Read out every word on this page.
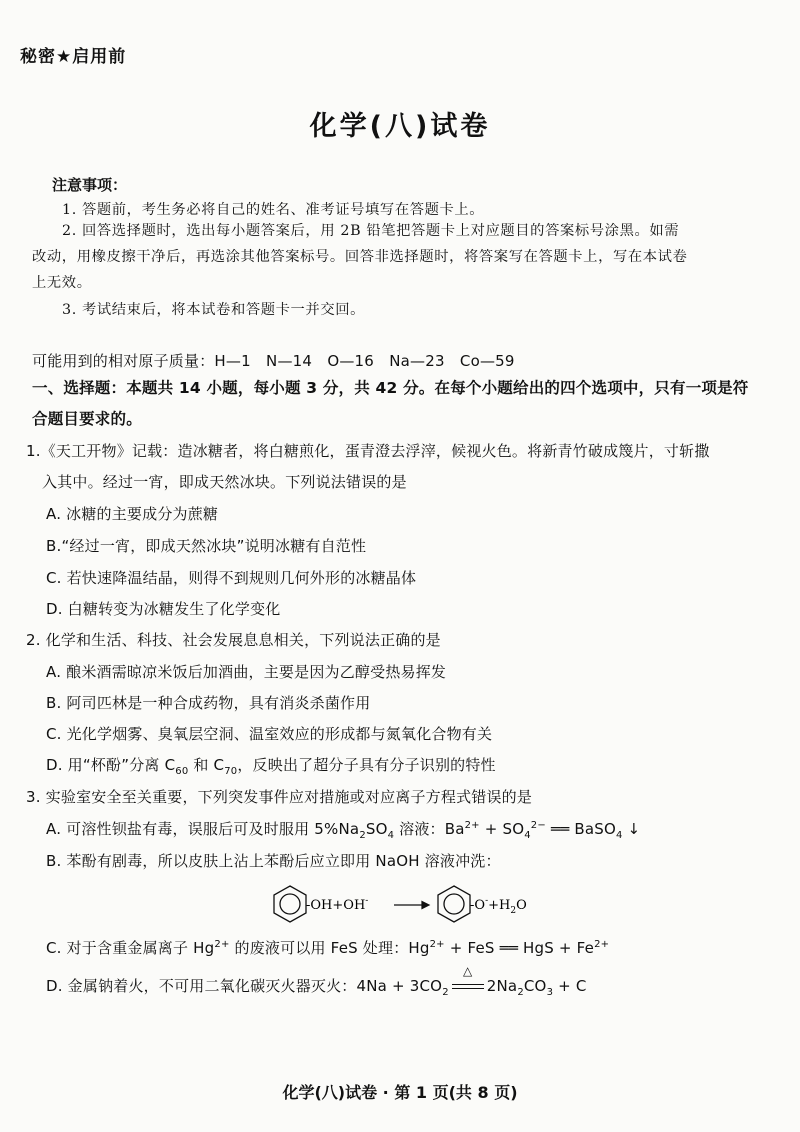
秘密★启用前
化学(八)试卷
注意事项：
1. 答题前，考生务必将自己的姓名、准考证号填写在答题卡上。
2. 回答选择题时，选出每小题答案后，用 2B 铅笔把答题卡上对应题目的答案标号涂黑。如需
改动，用橡皮擦干净后，再选涂其他答案标号。回答非选择题时，将答案写在答题卡上，写在本试卷
上无效。
3. 考试结束后，将本试卷和答题卡一并交回。
可能用到的相对原子质量：H—1　N—14　O—16　Na—23　Co—59
一、选择题：本题共 14 小题，每小题 3 分，共 42 分。在每个小题给出的四个选项中，只有一项是符
合题目要求的。
1.《天工开物》记载：造冰糖者，将白糖煎化，蛋青澄去浮滓，候视火色。将新青竹破成篾片，寸斩撒
入其中。经过一宵，即成天然冰块。下列说法错误的是
A. 冰糖的主要成分为蔗糖
B.“经过一宵，即成天然冰块”说明冰糖有自范性
C. 若快速降温结晶，则得不到规则几何外形的冰糖晶体
D. 白糖转变为冰糖发生了化学变化
2. 化学和生活、科技、社会发展息息相关，下列说法正确的是
A. 酿米酒需晾凉米饭后加酒曲，主要是因为乙醇受热易挥发
B. 阿司匹林是一种合成药物，具有消炎杀菌作用
C. 光化学烟雾、臭氧层空洞、温室效应的形成都与氮氧化合物有关
D. 用“杯酚”分离 $C_{60}$ 和 $C_{70}$，反映出了超分子具有分子识别的特性
3. 实验室安全至关重要，下列突发事件应对措施或对应离子方程式错误的是
A. 可溶性钡盐有毒，误服后可及时服用 $5\%Na_2SO_4$ 溶液：$Ba^{2+} + SO_4^{2-}$ ══ BaSO$_4$ ↓
B. 苯酚有剧毒，所以皮肤上沾上苯酚后应立即用 NaOH 溶液冲洗：
-OH+OH-	$-O^-+H_2O$
C. 对于含重金属离子 $Hg^{2+}$ 的废液可以用 FeS 处理：$Hg^{2+}$ + FeS ══ HgS + $Fe^{2+}$
D. 金属钠着火，不可用二氧化碳灭火器灭火：$4Na + 3CO_2$
△
$2Na_2CO_3 + C$
化学(八)试卷 · 第 1 页(共 8 页)
